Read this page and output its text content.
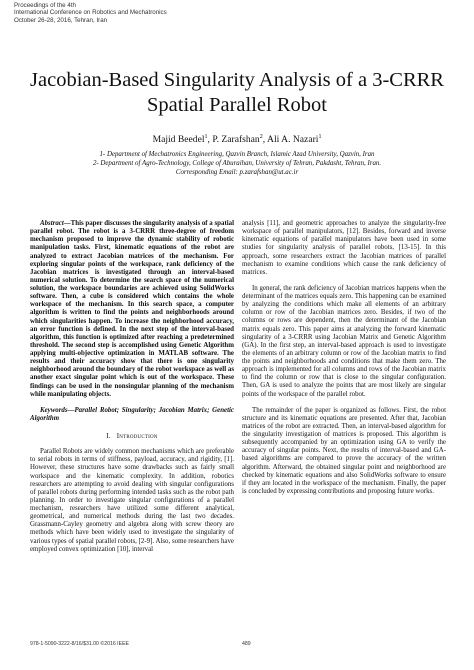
Proceedings of the 4th
International Conference on Robotics and Mechatronics
October 26-28, 2016, Tehran, Iran
Jacobian-Based Singularity Analysis of a 3-CRRR
Spatial Parallel Robot
Majid Beedel$^1$, P. Zarafshan$^2$, Ali A. Nazari$^1$
1- Department of Mechatronics Engineering, Qazvin Branch, Islamic Azad University, Qazvin, Iran
2- Department of Agro-Technology, College of Aburaihan, University of Tehran, Pakdasht, Tehran, Iran.
Corresponding Email: p.zarafshan@ut.ac.ir

Abstract—This paper discusses the singularity analysis of a spatial parallel robot. The robot is a 3-CRRR three-degree of freedom mechanism proposed to improve the dynamic stability of robotic manipulation tasks. First, kinematic equations of the robot are analyzed to extract Jacobian matrices of the mechanism. For exploring singular points of the workspace, rank deficiency of the Jacobian matrices is investigated through an interval-based numerical solution. To determine the search space of the numerical solution, the workspace boundaries are achieved using SolidWorks software. Then, a cube is considered which contains the whole workspace of the mechanism. In this search space, a computer algorithm is written to find the points and neighborhoods around which singularities happen. To increase the neighborhood accuracy, an error function is defined. In the next step of the interval-based algorithm, this function is optimized after reaching a predetermined threshold. The second step is accomplished using Genetic Algorithm applying multi-objective optimization in MATLAB software. The results and their accuracy show that there is one singularity neighborhood around the boundary of the robot workspace as well as another exact singular point which is out of the workspace. These findings can be used in the nonsingular planning of the mechanism while manipulating objects.

Keywords—Parallel Robot; Singularity; Jacobian Matrix; Genetic Algorithm

I. Introduction

Parallel Robots are widely common mechanisms which are preferable to serial robots in terms of stiffness, payload, accuracy, and rigidity, [1]. However, these structures have some drawbacks such as fairly small workspace and the kinematic complexity. In addition, robotics researchers are attempting to avoid dealing with singular configurations of parallel robots during performing intended tasks such as the robot path planning. In order to investigate singular configurations of a parallel mechanism, researchers have utilized some different analytical, geometrical, and numerical methods during the last two decades. Grassmann-Cayley geometry and algebra along with screw theory are methods which have been widely used to investigate the singularity of various types of spatial parallel robots, [2-9]. Also, some researchers have employed convex optimization [10], interval

analysis [11], and geometric approaches to analyze the singularity-free workspace of parallel manipulators, [12]. Besides, forward and inverse kinematic equations of parallel manipulators have been used in some studies for singularity analysis of parallel robots, [13-15]. In this approach, some researchers extract the Jacobian matrices of parallel mechanism to examine conditions which cause the rank deficiency of matrices.

In general, the rank deficiency of Jacobian matrices happens when the determinant of the matrices equals zero. This happening can be examined by analyzing the conditions which make all elements of an arbitrary column or row of the Jacobian matrices zero. Besides, if two of the columns or rows are dependent, then the determinant of the Jacobian matrix equals zero. This paper aims at analyzing the forward kinematic singularity of a 3-CRRR using Jacobian Matrix and Genetic Algorithm (GA). In the first step, an interval-based approach is used to investigate the elements of an arbitrary column or row of the Jacobian matrix to find the points and neighborhoods and conditions that make them zero. The approach is implemented for all columns and rows of the Jacobian matrix to find the column or row that is close to the singular configuration. Then, GA is used to analyze the points that are most likely are singular points of the workspace of the parallel robot.

The remainder of the paper is organized as follows. First, the robot structure and its kinematic equations are presented. After that, Jacobian matrices of the robot are extracted. Then, an interval-based algorithm for the singularity investigation of matrices is proposed. This algorithm is subsequently accompanied by an optimization using GA to verify the accuracy of singular points. Next, the results of interval-based and GA-based algorithms are compared to prove the accuracy of the written algorithm. Afterward, the obtained singular point and neighborhood are checked by kinematic equations and also SolidWorks software to ensure if they are located in the workspace of the mechanism. Finally, the paper is concluded by expressing contributions and proposing future works.

978-1-5090-3222-8/16/$31.00 ©2016 IEEE	489
